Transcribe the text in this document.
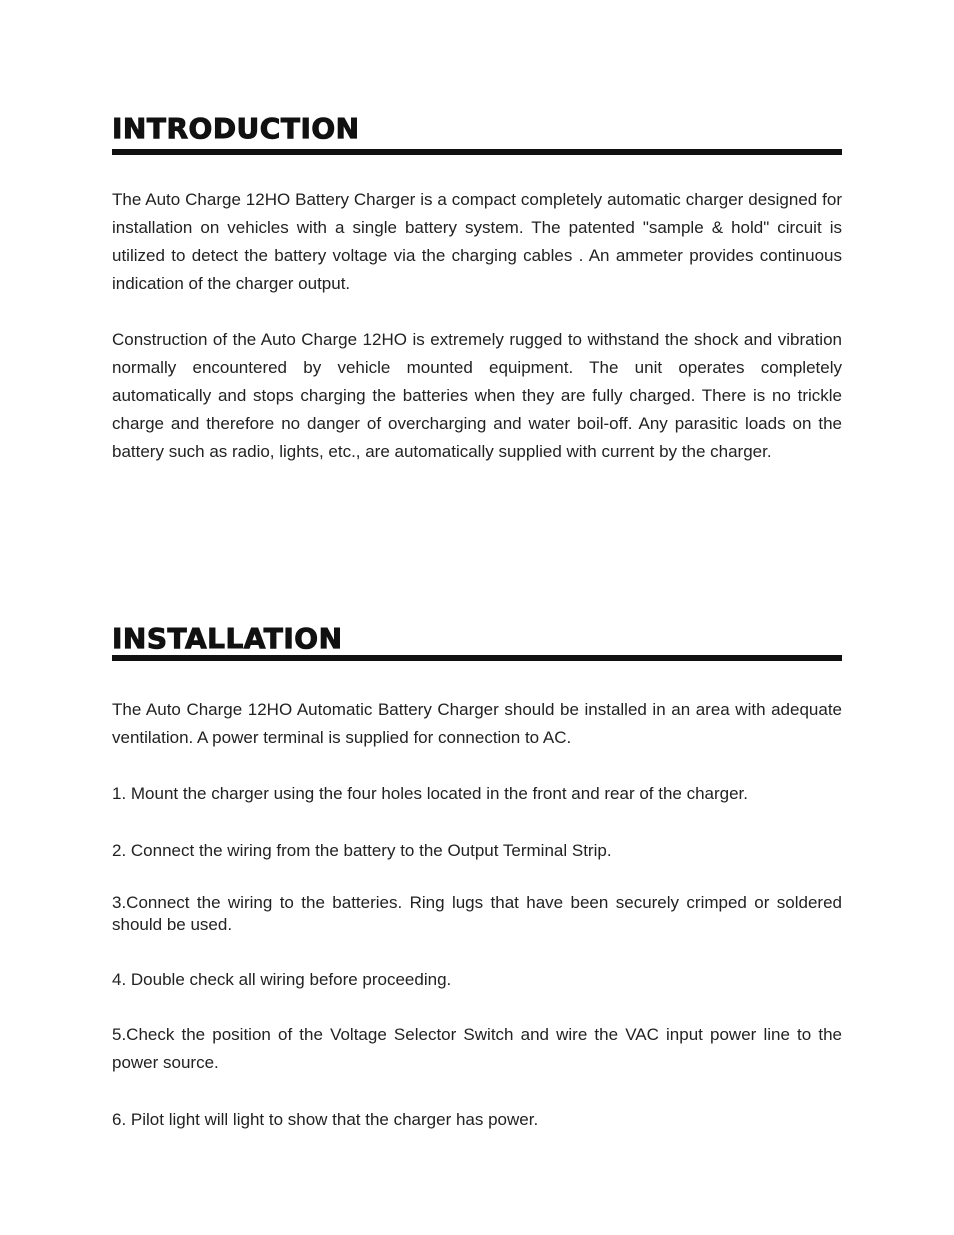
INTRODUCTION

The Auto Charge 12HO Battery Charger is a compact completely automatic charger designed for installation on vehicles with a single battery system. The patented "sample & hold" circuit is utilized to detect the battery voltage via the charging cables . An ammeter provides continuous indication of the charger output.

Construction of the Auto Charge 12HO is extremely rugged to withstand the shock and vibration normally encountered by vehicle mounted equipment. The unit operates completely automatically and stops charging the batteries when they are fully charged. There is no trickle charge and therefore no danger of overcharging and water boil-off. Any parasitic loads on the battery such as radio, lights, etc., are automatically supplied with current by the charger.

INSTALLATION

The Auto Charge 12HO Automatic Battery Charger should be installed in an area with adequate ventilation. A power terminal is supplied for connection to AC.

1. Mount the charger using the four holes located in the front and rear of the charger.

2. Connect the wiring from the battery to the Output Terminal Strip.

3.Connect the wiring to the batteries. Ring lugs that have been securely crimped or soldered should be used.

4. Double check all wiring before proceeding.

5.Check the position of the Voltage Selector Switch and wire the VAC input power line to the power source.

6. Pilot light will light to show that the charger has power.
